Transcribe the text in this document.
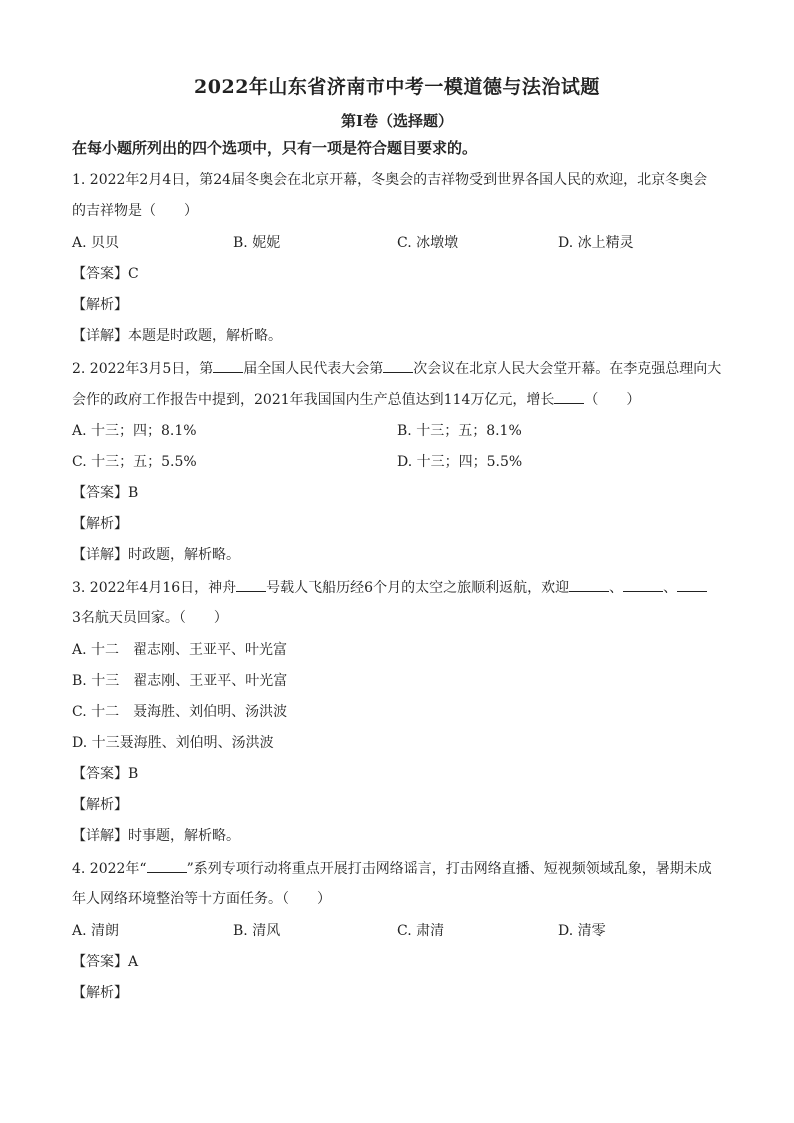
2022年山东省济南市中考一模道德与法治试题
第Ⅰ卷（选择题）
在每小题所列出的四个选项中，只有一项是符合题目要求的。
1. 2022年2月4日，第24届冬奥会在北京开幕，冬奥会的吉祥物受到世界各国人民的欢迎，北京冬奥会
的吉祥物是（　　）
A. 贝贝	B. 妮妮	C. 冰墩墩	D. 冰上精灵
【答案】C
【解析】
【详解】本题是时政题，解析略。
2. 2022年3月5日，第 届全国人民代表大会第 次会议在北京人民大会堂开幕。在李克强总理向大
会作的政府工作报告中提到，2021年我国国内生产总值达到114万亿元，增长 （　　）
A. 十三；四；8.1%	B. 十三；五；8.1%
C. 十三；五；5.5%	D. 十三；四；5.5%
【答案】B
【解析】
【详解】时政题，解析略。
3. 2022年4月16日，神舟 号载人飞船历经6个月的太空之旅顺利返航，欢迎	、	、
3名航天员回家。（　　）
A. 十二　翟志刚、王亚平、叶光富
B. 十三　翟志刚、王亚平、叶光富
C. 十二　聂海胜、刘伯明、汤洪波
D. 十三聂海胜、刘伯明、汤洪波
【答案】B
【解析】
【详解】时事题，解析略。
4. 2022年“	”系列专项行动将重点开展打击网络谣言，打击网络直播、短视频领域乱象，暑期未成
年人网络环境整治等十方面任务。（　　）
A. 清朗	B. 清风	C. 肃清	D. 清零
【答案】A
【解析】
